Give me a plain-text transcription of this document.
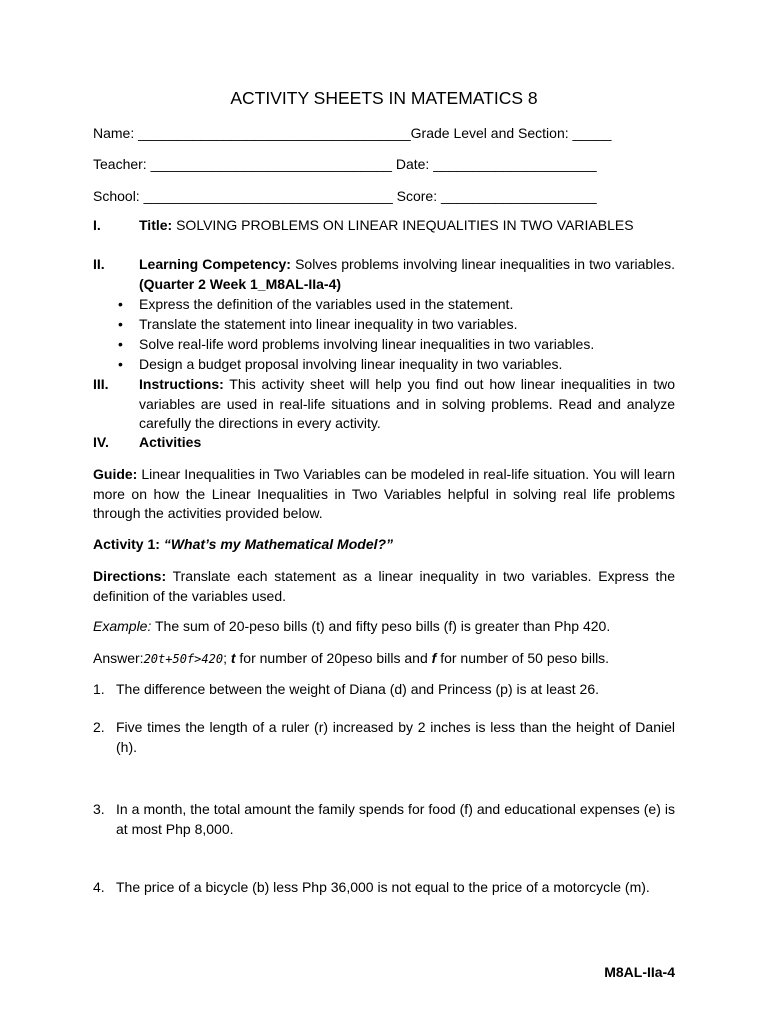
ACTIVITY SHEETS IN MATEMATICS 8
Name: ___________________________________Grade Level and Section: _____
Teacher: _______________________________ Date: _____________________
School: ________________________________ Score: ____________________
I.	Title: SOLVING PROBLEMS ON LINEAR INEQUALITIES IN TWO VARIABLES
II. Learning Competency: Solves problems involving linear inequalities in two variables. (Quarter 2 Week 1_M8AL-IIa-4)
• Express the definition of the variables used in the statement.
• Translate the statement into linear inequality in two variables.
• Solve real-life word problems involving linear inequalities in two variables.
• Design a budget proposal involving linear inequality in two variables.
III. Instructions: This activity sheet will help you find out how linear inequalities in two variables are used in real-life situations and in solving problems. Read and analyze carefully the directions in every activity.
IV. Activities
Guide: Linear Inequalities in Two Variables can be modeled in real-life situation. You will learn more on how the Linear Inequalities in Two Variables helpful in solving real life problems through the activities provided below.
Activity 1: “What’s my Mathematical Model?”
Directions: Translate each statement as a linear inequality in two variables. Express the definition of the variables used.
Example: The sum of 20-peso bills (t) and fifty peso bills (f) is greater than Php 420.
Answer:20t+50f>420; t for number of 20peso bills and f for number of 50 peso bills.
1. The difference between the weight of Diana (d) and Princess (p) is at least 26.
2. Five times the length of a ruler (r) increased by 2 inches is less than the height of Daniel (h).
3. In a month, the total amount the family spends for food (f) and educational expenses (e) is at most Php 8,000.
4. The price of a bicycle (b) less Php 36,000 is not equal to the price of a motorcycle (m).
M8AL-IIa-4
